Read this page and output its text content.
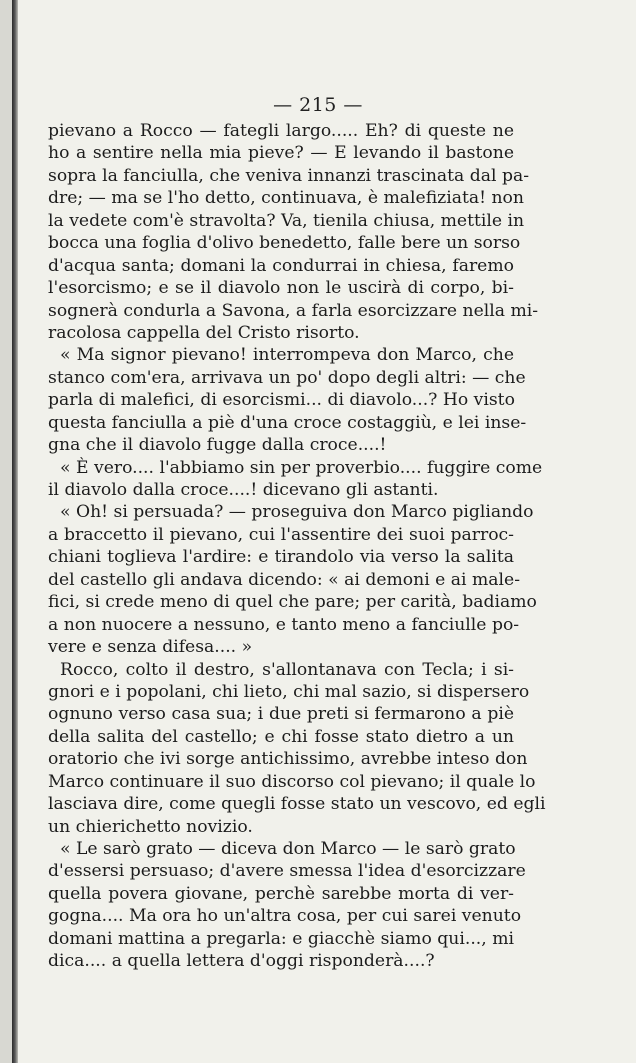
— 215 —
pievano a Rocco — fategli largo..... Eh? di queste ne
ho a sentire nella mia pieve? — E levando il bastone
sopra la fanciulla, che veniva innanzi trascinata dal pa-
dre; — ma se l'ho detto, continuava, è malefiziata! non
la vedete com'è stravolta? Va, tienila chiusa, mettile in
bocca una foglia d'olivo benedetto, falle bere un sorso
d'acqua santa; domani la condurrai in chiesa, faremo
l'esorcismo; e se il diavolo non le uscirà di corpo, bi-
sognerà condurla a Savona, a farla esorcizzare nella mi-
racolosa cappella del Cristo risorto.
« Ma signor pievano! interrompeva don Marco, che
stanco com'era, arrivava un po' dopo degli altri: — che
parla di malefici, di esorcismi... di diavolo...? Ho visto
questa fanciulla a piè d'una croce costaggiù, e lei inse-
gna che il diavolo fugge dalla croce....!
« È vero.... l'abbiamo sin per proverbio.... fuggire come
il diavolo dalla croce....! dicevano gli astanti.
« Oh! si persuada? — proseguiva don Marco pigliando
a braccetto il pievano, cui l'assentire dei suoi parroc-
chiani toglieva l'ardire: e tirandolo via verso la salita
del castello gli andava dicendo: « ai demoni e ai male-
fici, si crede meno di quel che pare; per carità, badiamo
a non nuocere a nessuno, e tanto meno a fanciulle po-
vere e senza difesa.... »
Rocco, colto il destro, s'allontanava con Tecla; i si-
gnori e i popolani, chi lieto, chi mal sazio, si dispersero
ognuno verso casa sua; i due preti si fermarono a piè
della salita del castello; e chi fosse stato dietro a un
oratorio che ivi sorge antichissimo, avrebbe inteso don
Marco continuare il suo discorso col pievano; il quale lo
lasciava dire, come quegli fosse stato un vescovo, ed egli
un chierichetto novizio.
« Le sarò grato — diceva don Marco — le sarò grato
d'essersi persuaso; d'avere smessa l'idea d'esorcizzare
quella povera giovane, perchè sarebbe morta di ver-
gogna.... Ma ora ho un'altra cosa, per cui sarei venuto
domani mattina a pregarla: e giacchè siamo qui..., mi
dica.... a quella lettera d'oggi risponderà....?
